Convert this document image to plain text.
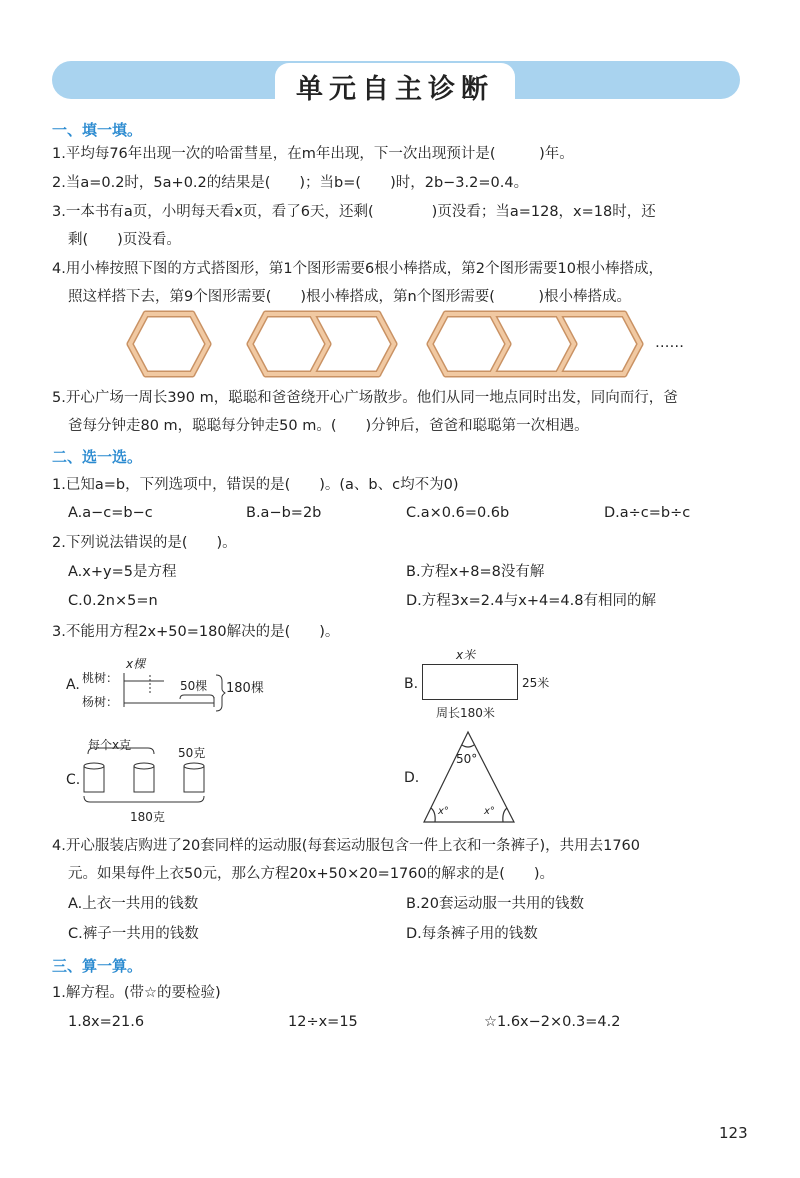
单元自主诊断
一、填一填。
1.平均每76年出现一次的哈雷彗星，在m年出现，下一次出现预计是(　　　)年。
2.当a=0.2时，5a+0.2的结果是(　　)；当b=(　　)时，2b−3.2=0.4。
3.一本书有a页，小明每天看x页，看了6天，还剩(　　　　)页没看；当a=128，x=18时，还
剩(　　)页没看。
4.用小棒按照下图的方式搭图形，第1个图形需要6根小棒搭成，第2个图形需要10根小棒搭成，
照这样搭下去，第9个图形需要(　　)根小棒搭成，第n个图形需要(　　　)根小棒搭成。
……
5.开心广场一周长390 m，聪聪和爸爸绕开心广场散步。他们从同一地点同时出发，同向而行，爸
爸每分钟走80 m，聪聪每分钟走50 m。(　　)分钟后，爸爸和聪聪第一次相遇。
二、选一选。
1.已知a=b，下列选项中，错误的是(　　)。(a、b、c均不为0)
A.a−c=b−c	B.a−b=2b	C.a×0.6=0.6b	D.a÷c=b÷c
2.下列说法错误的是(　　)。
A.x+y=5是方程	B.方程x+8=8没有解
C.0.2n×5=n	D.方程3x=2.4与x+4=4.8有相同的解
3.不能用方程2x+50=180解决的是(　　)。
A. 桃树：
杨树：
x棵
50棵 180棵	B.
x米
25米
周长180米
C.
每个x克
50克
180克
D.
50°
x°	x°
4.开心服装店购进了20套同样的运动服(每套运动服包含一件上衣和一条裤子)，共用去1760
元。如果每件上衣50元，那么方程20x+50×20=1760的解求的是(　　)。
A.上衣一共用的钱数	B.20套运动服一共用的钱数
C.裤子一共用的钱数	D.每条裤子用的钱数
三、算一算。
1.解方程。(带☆的要检验)
1.8x=21.6	12÷x=15	☆1.6x−2×0.3=4.2
123
